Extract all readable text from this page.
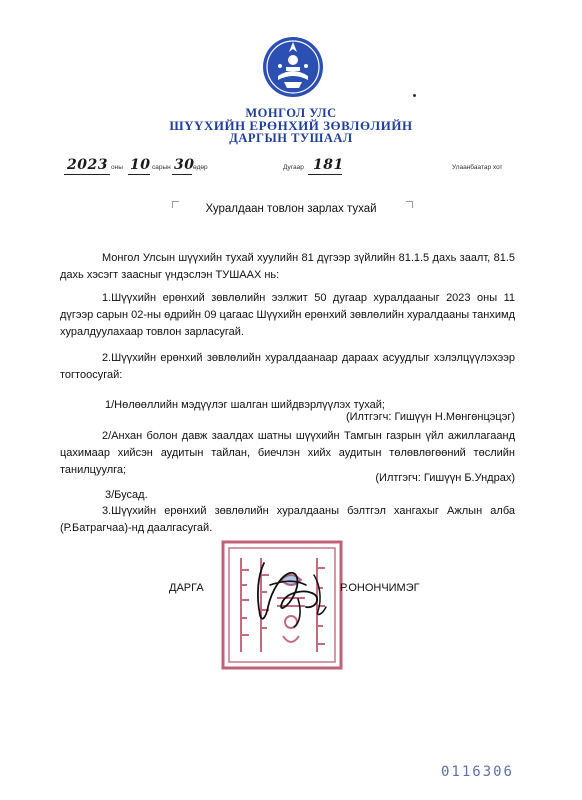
МОНГОЛ УЛС
ШҮҮХИЙН ЕРӨНХИЙ ЗӨВЛӨЛИЙН
ДАРГЫН ТУШААЛ
2023 оны 10 сарын 30
өдөр	Дугаар 181	Улаанбаатар хот
Хуралдаан товлон зарлах тухай
Монгол Улсын шүүхийн тухай хуулийн 81 дүгээр зүйлийн 81.1.5 дахь заалт, 81.5 дахь хэсэгт заасныг үндэслэн ТУШААХ нь:
1.Шүүхийн ерөнхий зөвлөлийн ээлжит 50 дугаар хуралдааныг 2023 оны 11 дүгээр сарын 02-ны өдрийн 09 цагаас Шүүхийн ерөнхий зөвлөлийн хуралдааны танхимд хуралдуулахаар товлон зарласугай.
2.Шүүхийн ерөнхий зөвлөлийн хуралдаанаар дараах асуудлыг хэлэлцүүлэхээр тогтоосугай:
1/Нөлөөллийн мэдүүлэг шалган шийдвэрлүүлэх тухай;
(Илтгэгч: Гишүүн Н.Мөнгөнцэцэг)
2/Анхан болон давж заалдах шатны шүүхийн Тамгын газрын үйл ажиллагаанд цахимаар хийсэн аудитын тайлан, биечлэн хийх аудитын төлөвлөгөөний төслийн танилцуулга;
(Илтгэгч: Гишүүн Б.Ундрах)
3/Бусад.
3.Шүүхийн ерөнхий зөвлөлийн хуралдааны бэлтгэл хангахыг Ажлын алба (Р.Батрагчаа)-нд даалгасугай.
ДАРГА	Р.ОНОНЧИМЭГ
0116306
